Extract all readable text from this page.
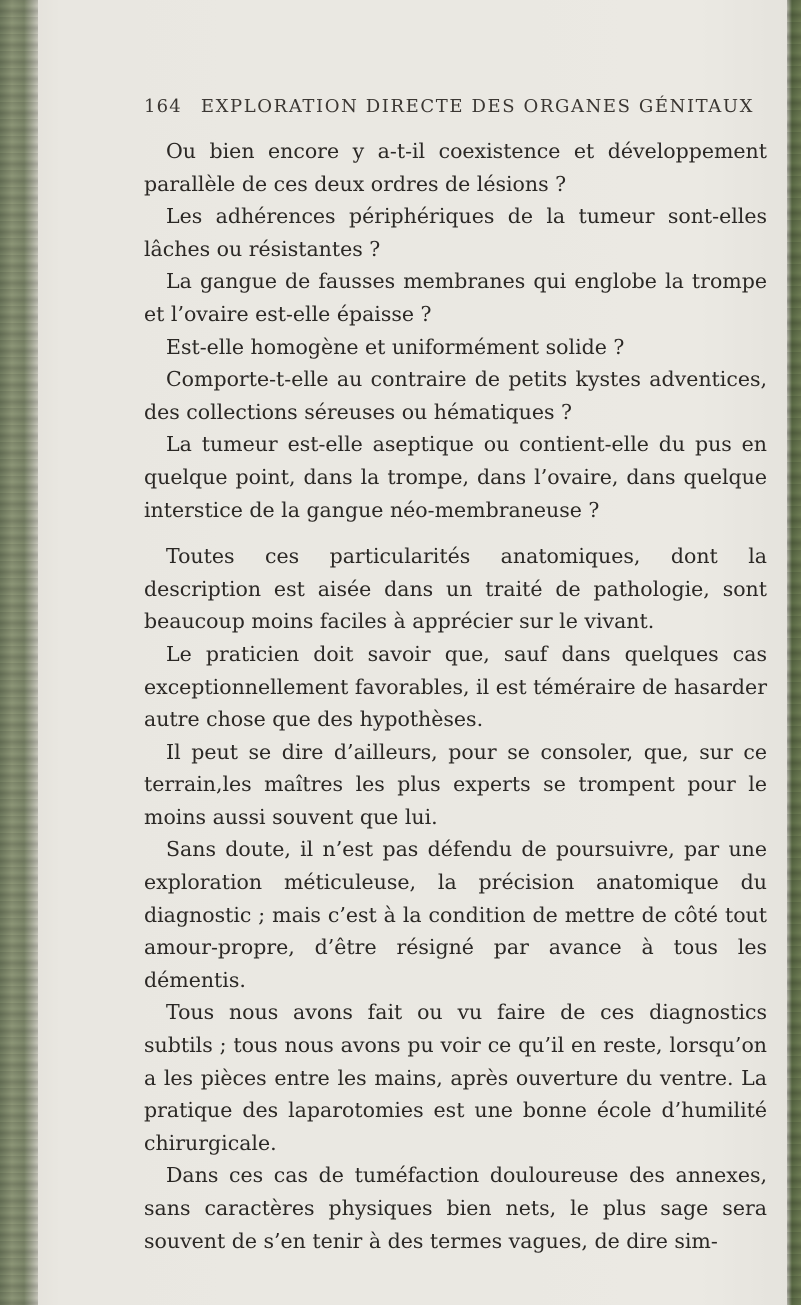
164 EXPLORATION DIRECTE DES ORGANES GÉNITAUX

Ou bien encore y a-t-il coexistence et développement parallèle de ces deux ordres de lésions ?

Les adhérences périphériques de la tumeur sont-elles lâches ou résistantes ?

La gangue de fausses membranes qui englobe la trompe et l’ovaire est-elle épaisse ?

Est-elle homogène et uniformément solide ?

Comporte-t-elle au contraire de petits kystes adventices, des collections séreuses ou hématiques ?

La tumeur est-elle aseptique ou contient-elle du pus en quelque point, dans la trompe, dans l’ovaire, dans quelque interstice de la gangue néo-membraneuse ?

Toutes ces particularités anatomiques, dont la description est aisée dans un traité de pathologie, sont beaucoup moins faciles à apprécier sur le vivant.

Le praticien doit savoir que, sauf dans quelques cas exceptionnellement favorables, il est téméraire de hasarder autre chose que des hypothèses.

Il peut se dire d’ailleurs, pour se consoler, que, sur ce terrain,les maîtres les plus experts se trompent pour le moins aussi souvent que lui.

Sans doute, il n’est pas défendu de poursuivre, par une exploration méticuleuse, la précision anatomique du diagnostic ; mais c’est à la condition de mettre de côté tout amour-propre, d’être résigné par avance à tous les démentis.

Tous nous avons fait ou vu faire de ces diagnostics subtils ; tous nous avons pu voir ce qu’il en reste, lorsqu’on a les pièces entre les mains, après ouverture du ventre. La pratique des laparotomies est une bonne école d’humilité chirurgicale.

Dans ces cas de tuméfaction douloureuse des annexes, sans caractères physiques bien nets, le plus sage sera souvent de s’en tenir à des termes vagues, de dire sim-
